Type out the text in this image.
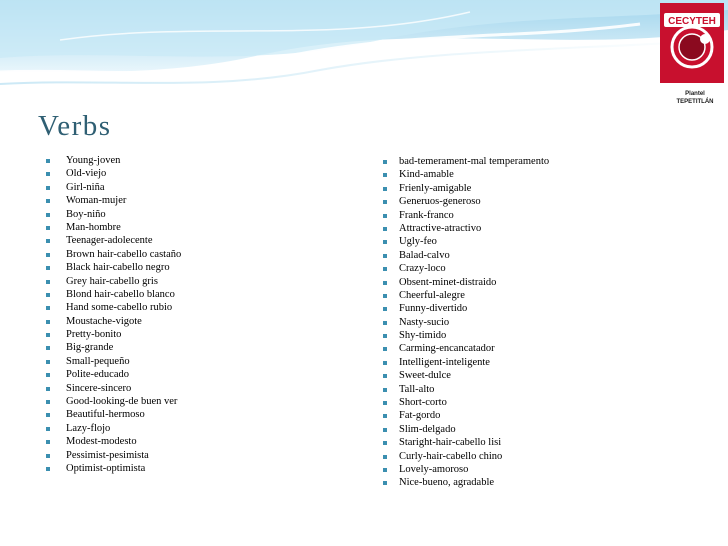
CECYTEH
Plantel
TEPETITLÁN
Verbs
Young-joven
Old-viejo
Girl-niña
Woman-mujer
Boy-niño
Man-hombre
Teenager-adolecente
Brown hair-cabello castaño
Black hair-cabello negro
Grey hair-cabello gris
Blond hair-cabello blanco
Hand some-cabello rubio
Moustache-vigote
Pretty-bonito
Big-grande
Small-pequeño
Polite-educado
Sincere-sincero
Good-looking-de buen ver
Beautiful-hermoso
Lazy-flojo
Modest-modesto
Pessimist-pesimista
Optimist-optimista
bad-temerament-mal temperamento
Kind-amable
Frienly-amigable
Generuos-generoso
Frank-franco
Attractive-atractivo
Ugly-feo
Balad-calvo
Crazy-loco
Obsent-minet-distraido
Cheerful-alegre
Funny-divertido
Nasty-sucio
Shy-timido
Carming-encancatador
Intelligent-inteligente
Sweet-dulce
Tall-alto
Short-corto
Fat-gordo
Slim-delgado
Staright-hair-cabello lisi
Curly-hair-cabello chino
Lovely-amoroso
Nice-bueno, agradable
